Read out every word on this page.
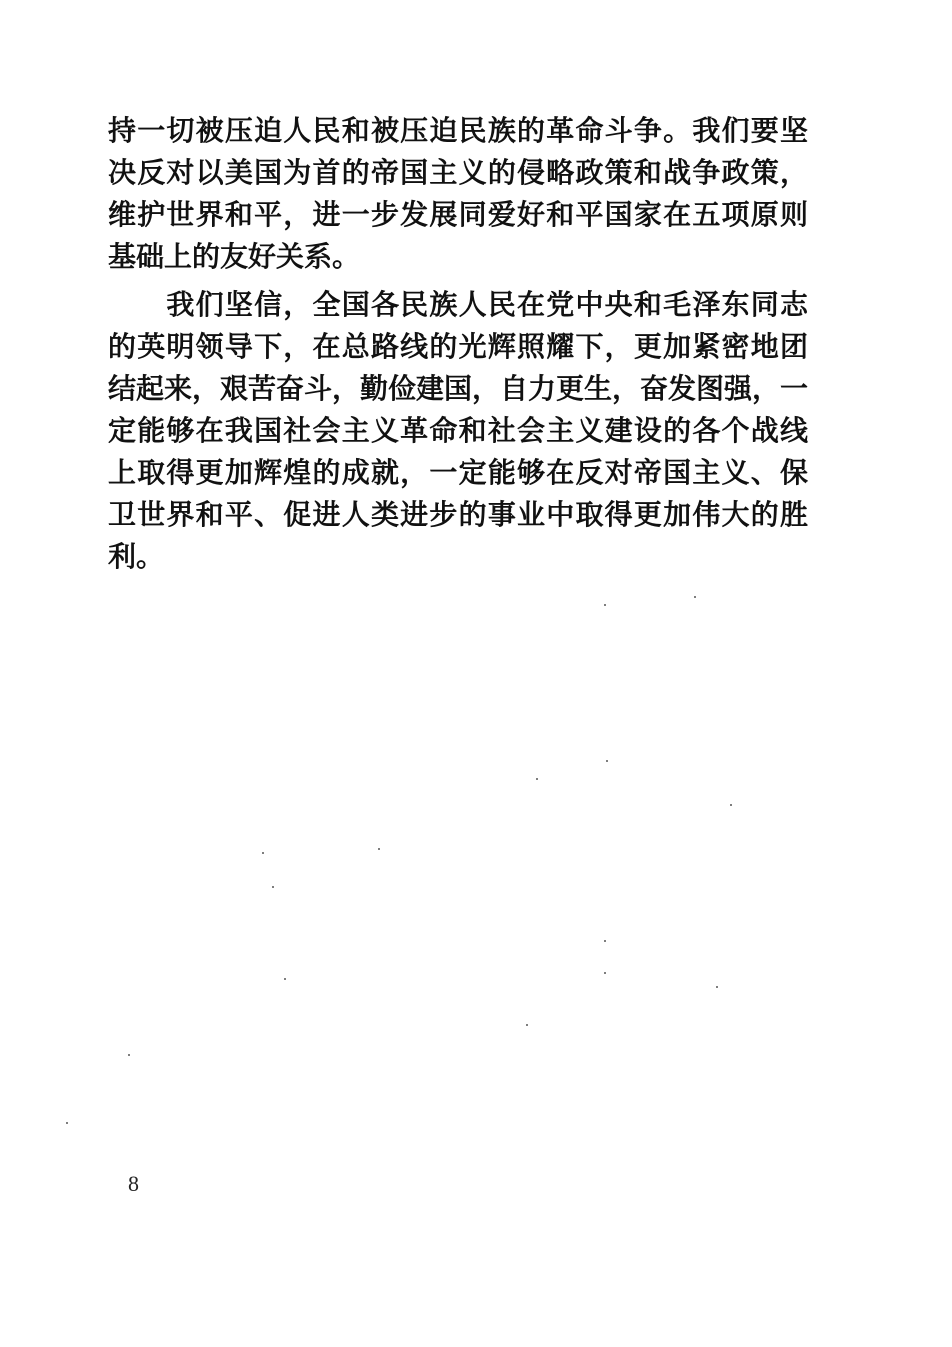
持一切被压迫人民和被压迫民族的革命斗争。我们要坚
决反对以美国为首的帝国主义的侵略政策和战争政策，
维护世界和平，进一步发展同爱好和平国家在五项原则
基础上的友好关系。
　　我们坚信，全国各民族人民在党中央和毛泽东同志
的英明领导下，在总路线的光辉照耀下，更加紧密地团
结起来，艰苦奋斗，勤俭建国，自力更生，奋发图强，一
定能够在我国社会主义革命和社会主义建设的各个战线
上取得更加辉煌的成就，一定能够在反对帝国主义、保
卫世界和平、促进人类进步的事业中取得更加伟大的胜
利。
8
